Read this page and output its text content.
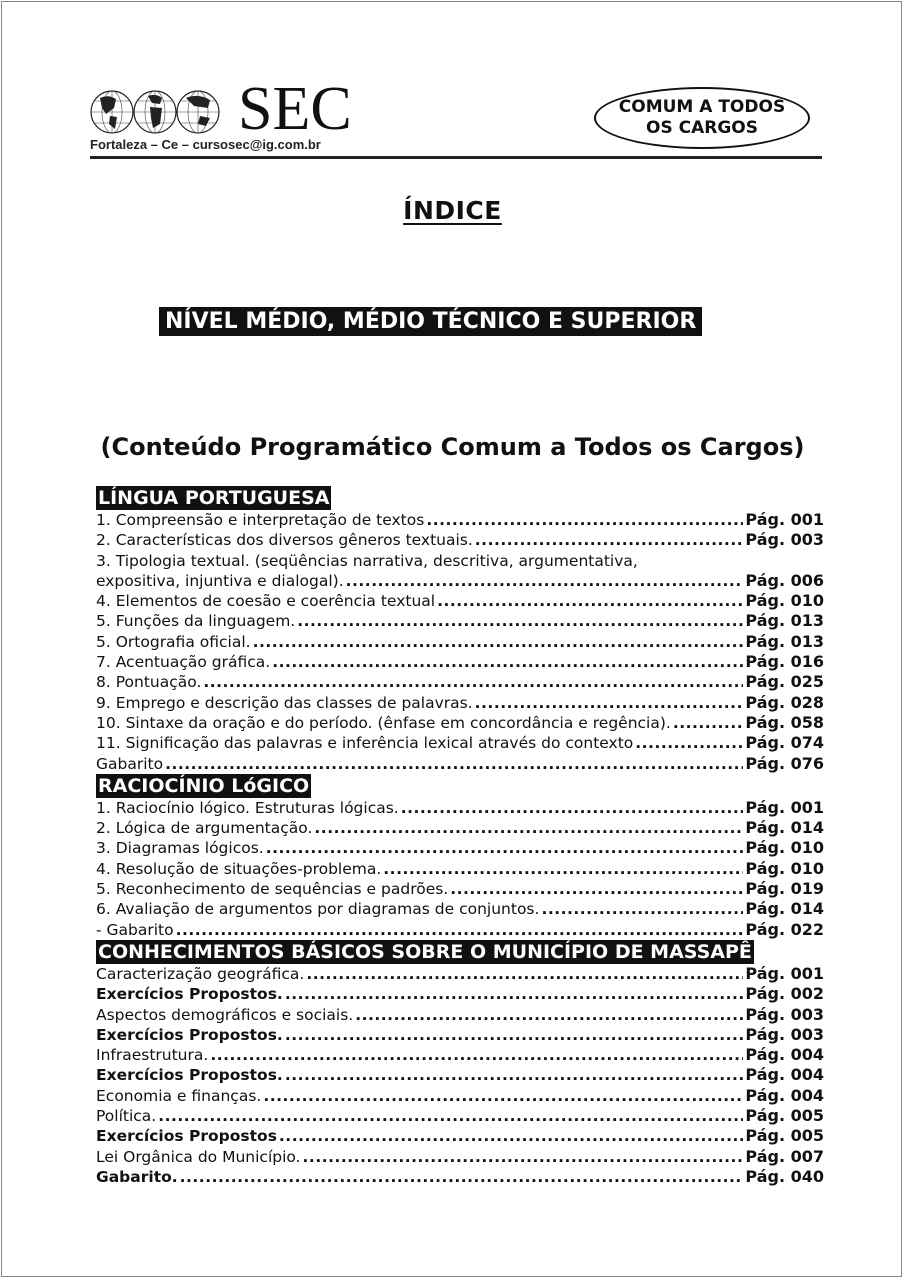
SEC
Fortaleza – Ce – cursosec@ig.com.br
COMUM A TODOS
OS CARGOS
ÍNDICE
NÍVEL MÉDIO, MÉDIO TÉCNICO E SUPERIOR
(Conteúdo Programático Comum a Todos os Cargos)
LÍNGUA PORTUGUESA
1. Compreensão e interpretação de textos .....	Pág. 001
2. Características dos diversos gêneros textuais. .....	Pág. 003
3. Tipologia textual. (seqüências narrativa, descritiva, argumentativa,
expositiva, injuntiva e dialogal). .....	Pág. 006
4. Elementos de coesão e coerência textual .....	Pág. 010
5. Funções da linguagem. .....	Pág. 013
5. Ortografia oficial. .....	Pág. 013
7. Acentuação gráfica. .....	Pág. 016
8. Pontuação. .....	Pág. 025
9. Emprego e descrição das classes de palavras. .....	Pág. 028
10. Sintaxe da oração e do período. (ênfase em concordância e regência). .....	Pág. 058
11. Significação das palavras e inferência lexical através do contexto .....	Pág. 074
Gabarito .....	Pág. 076
RACIOCÍNIO LóGICO
1. Raciocínio lógico. Estruturas lógicas. .....	Pág. 001
2. Lógica de argumentação. .....	Pág. 014
3. Diagramas lógicos. .....	Pág. 010
4. Resolução de situações-problema. .....	Pág. 010
5. Reconhecimento de sequências e padrões. .....	Pág. 019
6. Avaliação de argumentos por diagramas de conjuntos. .....	Pág. 014
- Gabarito .....	Pág. 022
CONHECIMENTOS BÁSICOS SOBRE O MUNICÍPIO DE MASSAPÊ
Caracterização geográfica. .....	Pág. 001
Exercícios Propostos. .....	Pág. 002
Aspectos demográficos e sociais. .....	Pág. 003
Exercícios Propostos. .....	Pág. 003
Infraestrutura. .....	Pág. 004
Exercícios Propostos. .....	Pág. 004
Economia e finanças. .....	Pág. 004
Política. .....	Pág. 005
Exercícios Propostos .....	Pág. 005
Lei Orgânica do Município. .....	Pág. 007
Gabarito. .....	Pág. 040
